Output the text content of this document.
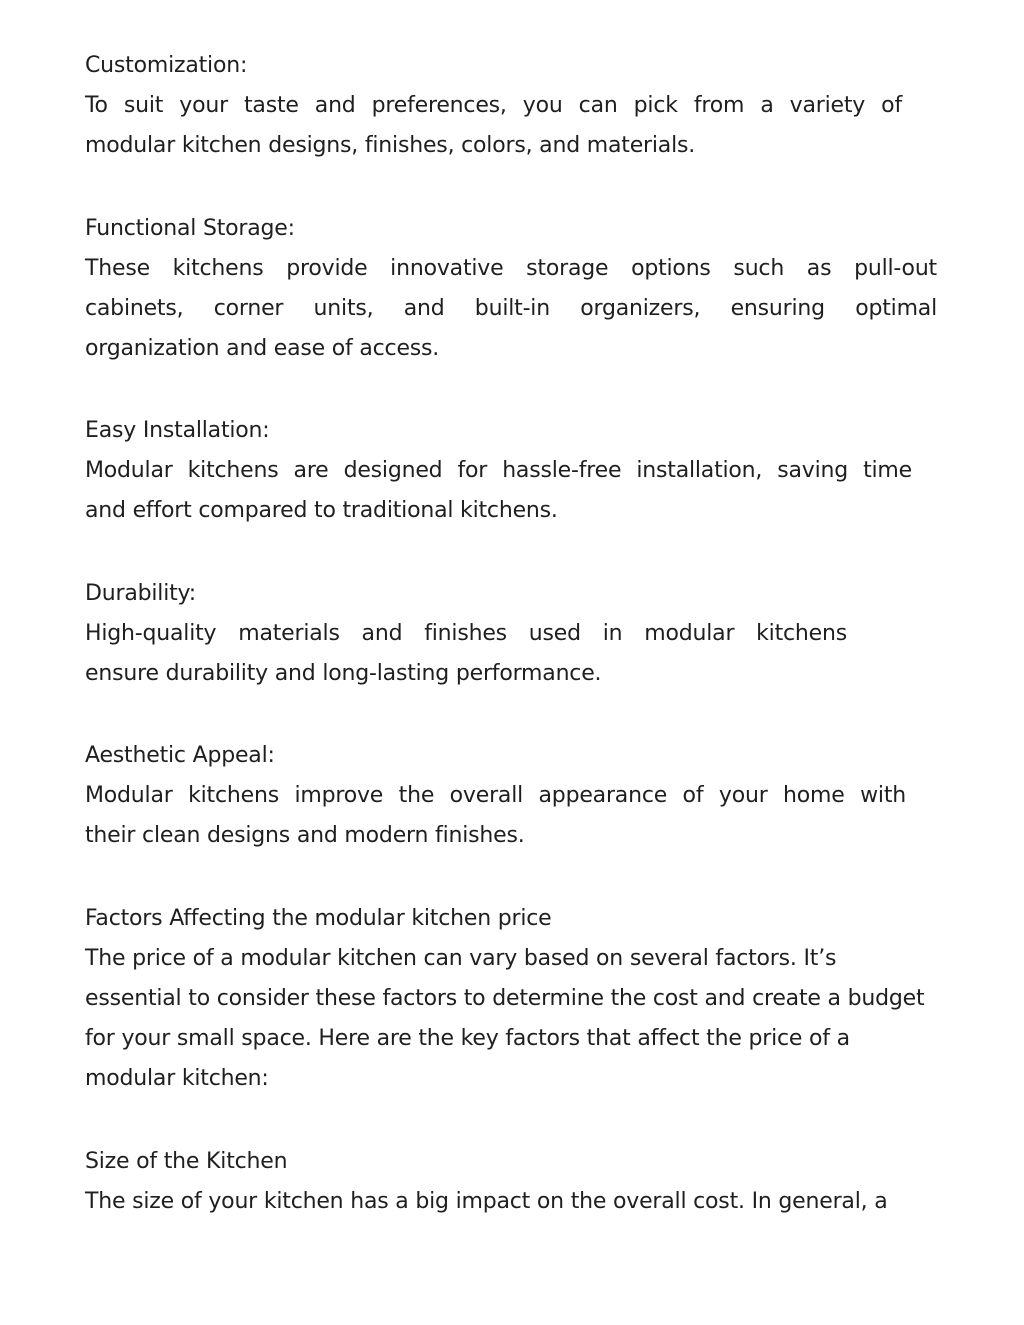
Customization:
To suit your taste and preferences, you can pick from a variety of
modular kitchen designs, finishes, colors, and materials.
Functional Storage:
These kitchens provide innovative storage options such as pull-out
cabinets, corner units, and built-in organizers, ensuring optimal
organization and ease of access.
Easy Installation:
Modular kitchens are designed for hassle-free installation, saving time
and effort compared to traditional kitchens.
Durability:
High-quality materials and finishes used in modular kitchens
ensure durability and long-lasting performance.
Aesthetic Appeal:
Modular kitchens improve the overall appearance of your home with
their clean designs and modern finishes.
Factors Affecting the modular kitchen price
The price of a modular kitchen can vary based on several factors. It’s
essential to consider these factors to determine the cost and create a budget
for your small space. Here are the key factors that affect the price of a
modular kitchen:
Size of the Kitchen
The size of your kitchen has a big impact on the overall cost. In general, a
